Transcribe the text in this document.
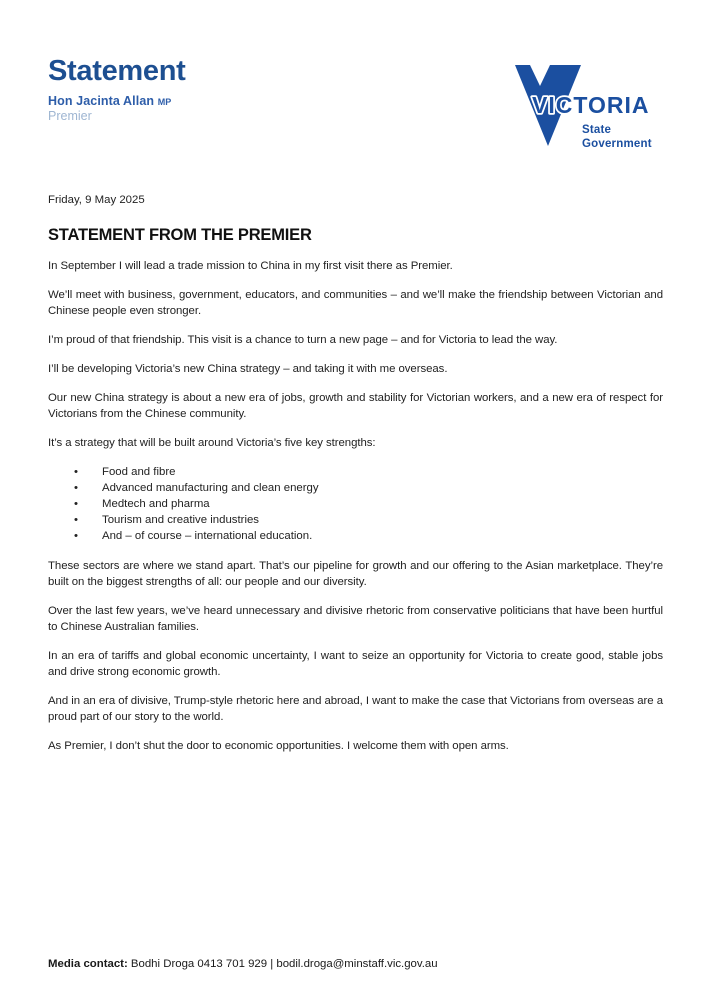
Statement
Hon Jacinta Allan MP
Premier	VICTORIA
State
Government
Friday, 9 May 2025
STATEMENT FROM THE PREMIER

In September I will lead a trade mission to China in my first visit there as Premier.

We’ll meet with business, government, educators, and communities – and we’ll make the friendship between Victorian and Chinese people even stronger.

I’m proud of that friendship. This visit is a chance to turn a new page – and for Victoria to lead the way.

I’ll be developing Victoria’s new China strategy – and taking it with me overseas.

Our new China strategy is about a new era of jobs, growth and stability for Victorian workers, and a new era of respect for Victorians from the Chinese community.

It’s a strategy that will be built around Victoria’s five key strengths:

• Food and fibre
• Advanced manufacturing and clean energy
• Medtech and pharma
• Tourism and creative industries
• And – of course – international education.

These sectors are where we stand apart. That’s our pipeline for growth and our offering to the Asian marketplace. They’re built on the biggest strengths of all: our people and our diversity.

Over the last few years, we’ve heard unnecessary and divisive rhetoric from conservative politicians that have been hurtful to Chinese Australian families.

In an era of tariffs and global economic uncertainty, I want to seize an opportunity for Victoria to create good, stable jobs and drive strong economic growth.

And in an era of divisive, Trump-style rhetoric here and abroad, I want to make the case that Victorians from overseas are a proud part of our story to the world.

As Premier, I don’t shut the door to economic opportunities. I welcome them with open arms.

Media contact: Bodhi Droga 0413 701 929 | bodil.droga@minstaff.vic.gov.au
